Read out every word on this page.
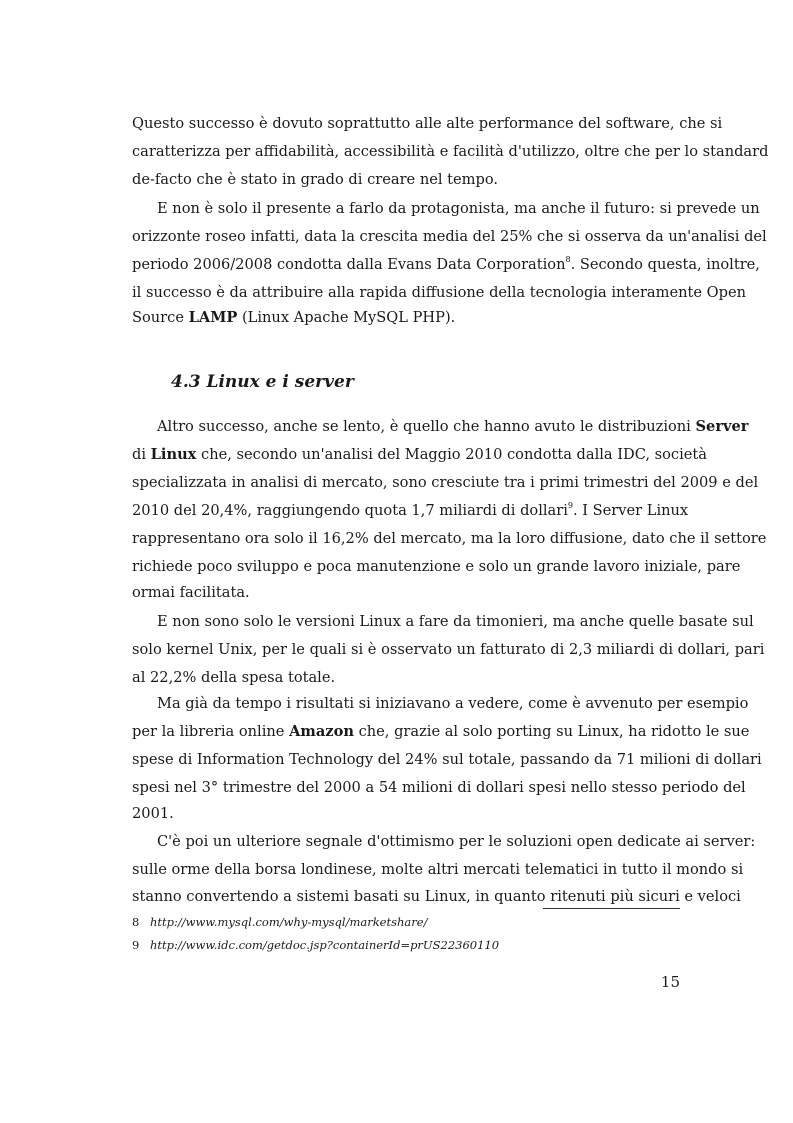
Questo successo è dovuto soprattutto alle alte performance del software, che si
caratterizza per affidabilità, accessibilità e facilità d'utilizzo, oltre che per lo standard
de-facto che è stato in grado di creare nel tempo.
E non è solo il presente a farlo da protagonista, ma anche il futuro: si prevede un
orizzonte roseo infatti, data la crescita media del 25% che si osserva da un'analisi del
periodo 2006/2008 condotta dalla Evans Data Corporation$^8$. Secondo questa, inoltre,
il successo è da attribuire alla rapida diffusione della tecnologia interamente Open
Source LAMP (Linux Apache MySQL PHP).
4.3 Linux e i server
Altro successo, anche se lento, è quello che hanno avuto le distribuzioni Server
di Linux che, secondo un'analisi del Maggio 2010 condotta dalla IDC, società
specializzata in analisi di mercato, sono cresciute tra i primi trimestri del 2009 e del
2010 del 20,4%, raggiungendo quota 1,7 miliardi di dollari$^9$. I Server Linux
rappresentano ora solo il 16,2% del mercato, ma la loro diffusione, dato che il settore
richiede poco sviluppo e poca manutenzione e solo un grande lavoro iniziale, pare
ormai facilitata.
E non sono solo le versioni Linux a fare da timonieri, ma anche quelle basate sul
solo kernel Unix, per le quali si è osservato un fatturato di 2,3 miliardi di dollari, pari
al 22,2% della spesa totale.
Ma già da tempo i risultati si iniziavano a vedere, come è avvenuto per esempio
per la libreria online Amazon che, grazie al solo porting su Linux, ha ridotto le sue
spese di Information Technology del 24% sul totale, passando da 71 milioni di dollari
spesi nel 3° trimestre del 2000 a 54 milioni di dollari spesi nello stesso periodo del
2001.
C'è poi un ulteriore segnale d'ottimismo per le soluzioni open dedicate ai server:
sulle orme della borsa londinese, molte altri mercati telematici in tutto il mondo si
stanno convertendo a sistemi basati su Linux, in quanto ritenuti più sicuri e veloci
8 http://www.mysql.com/why-mysql/marketshare/
9 http://www.idc.com/getdoc.jsp?containerId=prUS22360110
15
